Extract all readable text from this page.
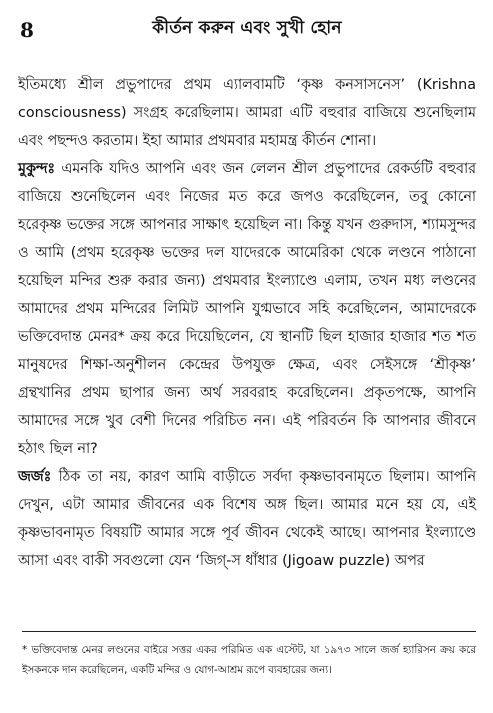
8	কীর্তন করুন এবং সুখী হোন

ইতিমধ্যে শ্রীল প্রভুপাদের প্রথম এ্যালবামটি ‘কৃষ্ণ কনসাসনেস’ (Krishna consciousness) সংগ্রহ করেছিলাম। আমরা এটি বহুবার বাজিয়ে শুনেছিলাম এবং পছন্দও করতাম। ইহা আমার প্রথমবার মহামন্ত্র কীর্তন শোনা।

মুকুন্দঃ এমনকি যদিও আপনি এবং জন লেলন শ্রীল প্রভুপাদের রেকর্ডটি বহুবার বাজিয়ে শুনেছিলেন এবং নিজের মত করে জপও করেছিলেন, তবু কোনো হরেকৃষ্ণ ভক্তের সঙ্গে আপনার সাক্ষাৎ হয়েছিল না। কিন্তু যখন গুরুদাস, শ্যামসুন্দর ও আমি (প্রথম হরেকৃষ্ণ ভক্তের দল যাদেরকে আমেরিকা থেকে লণ্ডনে পাঠানো হয়েছিল মন্দির শুরু করার জন্য) প্রথমবার ইংল্যাণ্ডে এলাম, তখন মধ্য লণ্ডনের আমাদের প্রথম মন্দিরের লিমিট আপনি যুগ্মভাবে সহি করেছিলেন, আমাদেরকে ভক্তিবেদান্ত মেনর* ক্রয় করে দিয়েছিলেন, যে স্থানটি ছিল হাজার হাজার শত শত মানুষদের শিক্ষা-অনুশীলন কেন্দ্রের উপযুক্ত ক্ষেত্র, এবং সেইসঙ্গে ‘শ্রীকৃষ্ণ’ গ্রন্থখানির প্রথম ছাপার জন্য অর্থ সরবরাহ করেছিলেন। প্রকৃতপক্ষে, আপনি আমাদের সঙ্গে খুব বেশী দিনের পরিচিত নন। এই পরিবর্তন কি আপনার জীবনে হঠাৎ ছিল না?

জর্জঃ ঠিক তা নয়, কারণ আমি বাড়ীতে সর্বদা কৃষ্ণভাবনামৃতে ছিলাম। আপনি দেখুন, এটা আমার জীবনের এক বিশেষ অঙ্গ ছিল। আমার মনে হয় যে, এই কৃষ্ণভাবনামৃত বিষয়টি আমার সঙ্গে পূর্ব জীবন থেকেই আছে। আপনার ইংল্যাণ্ডে আসা এবং বাকী সবগুলো যেন ‘জিগ্-স ধাঁধার (Jigoaw puzzle) অপর

* ভক্তিবেদান্ত মেনর লণ্ডনের বাইরে সত্তর একর পরিমিত এক এস্টেট, যা ১৯৭৩ সালে জর্জ হ্যারিসন ক্রয় করে ইসকনকে দান করেছিলেন, একটি মন্দির ও যোগ-আশ্রম রূপে ব্যবহারের জন্য।
